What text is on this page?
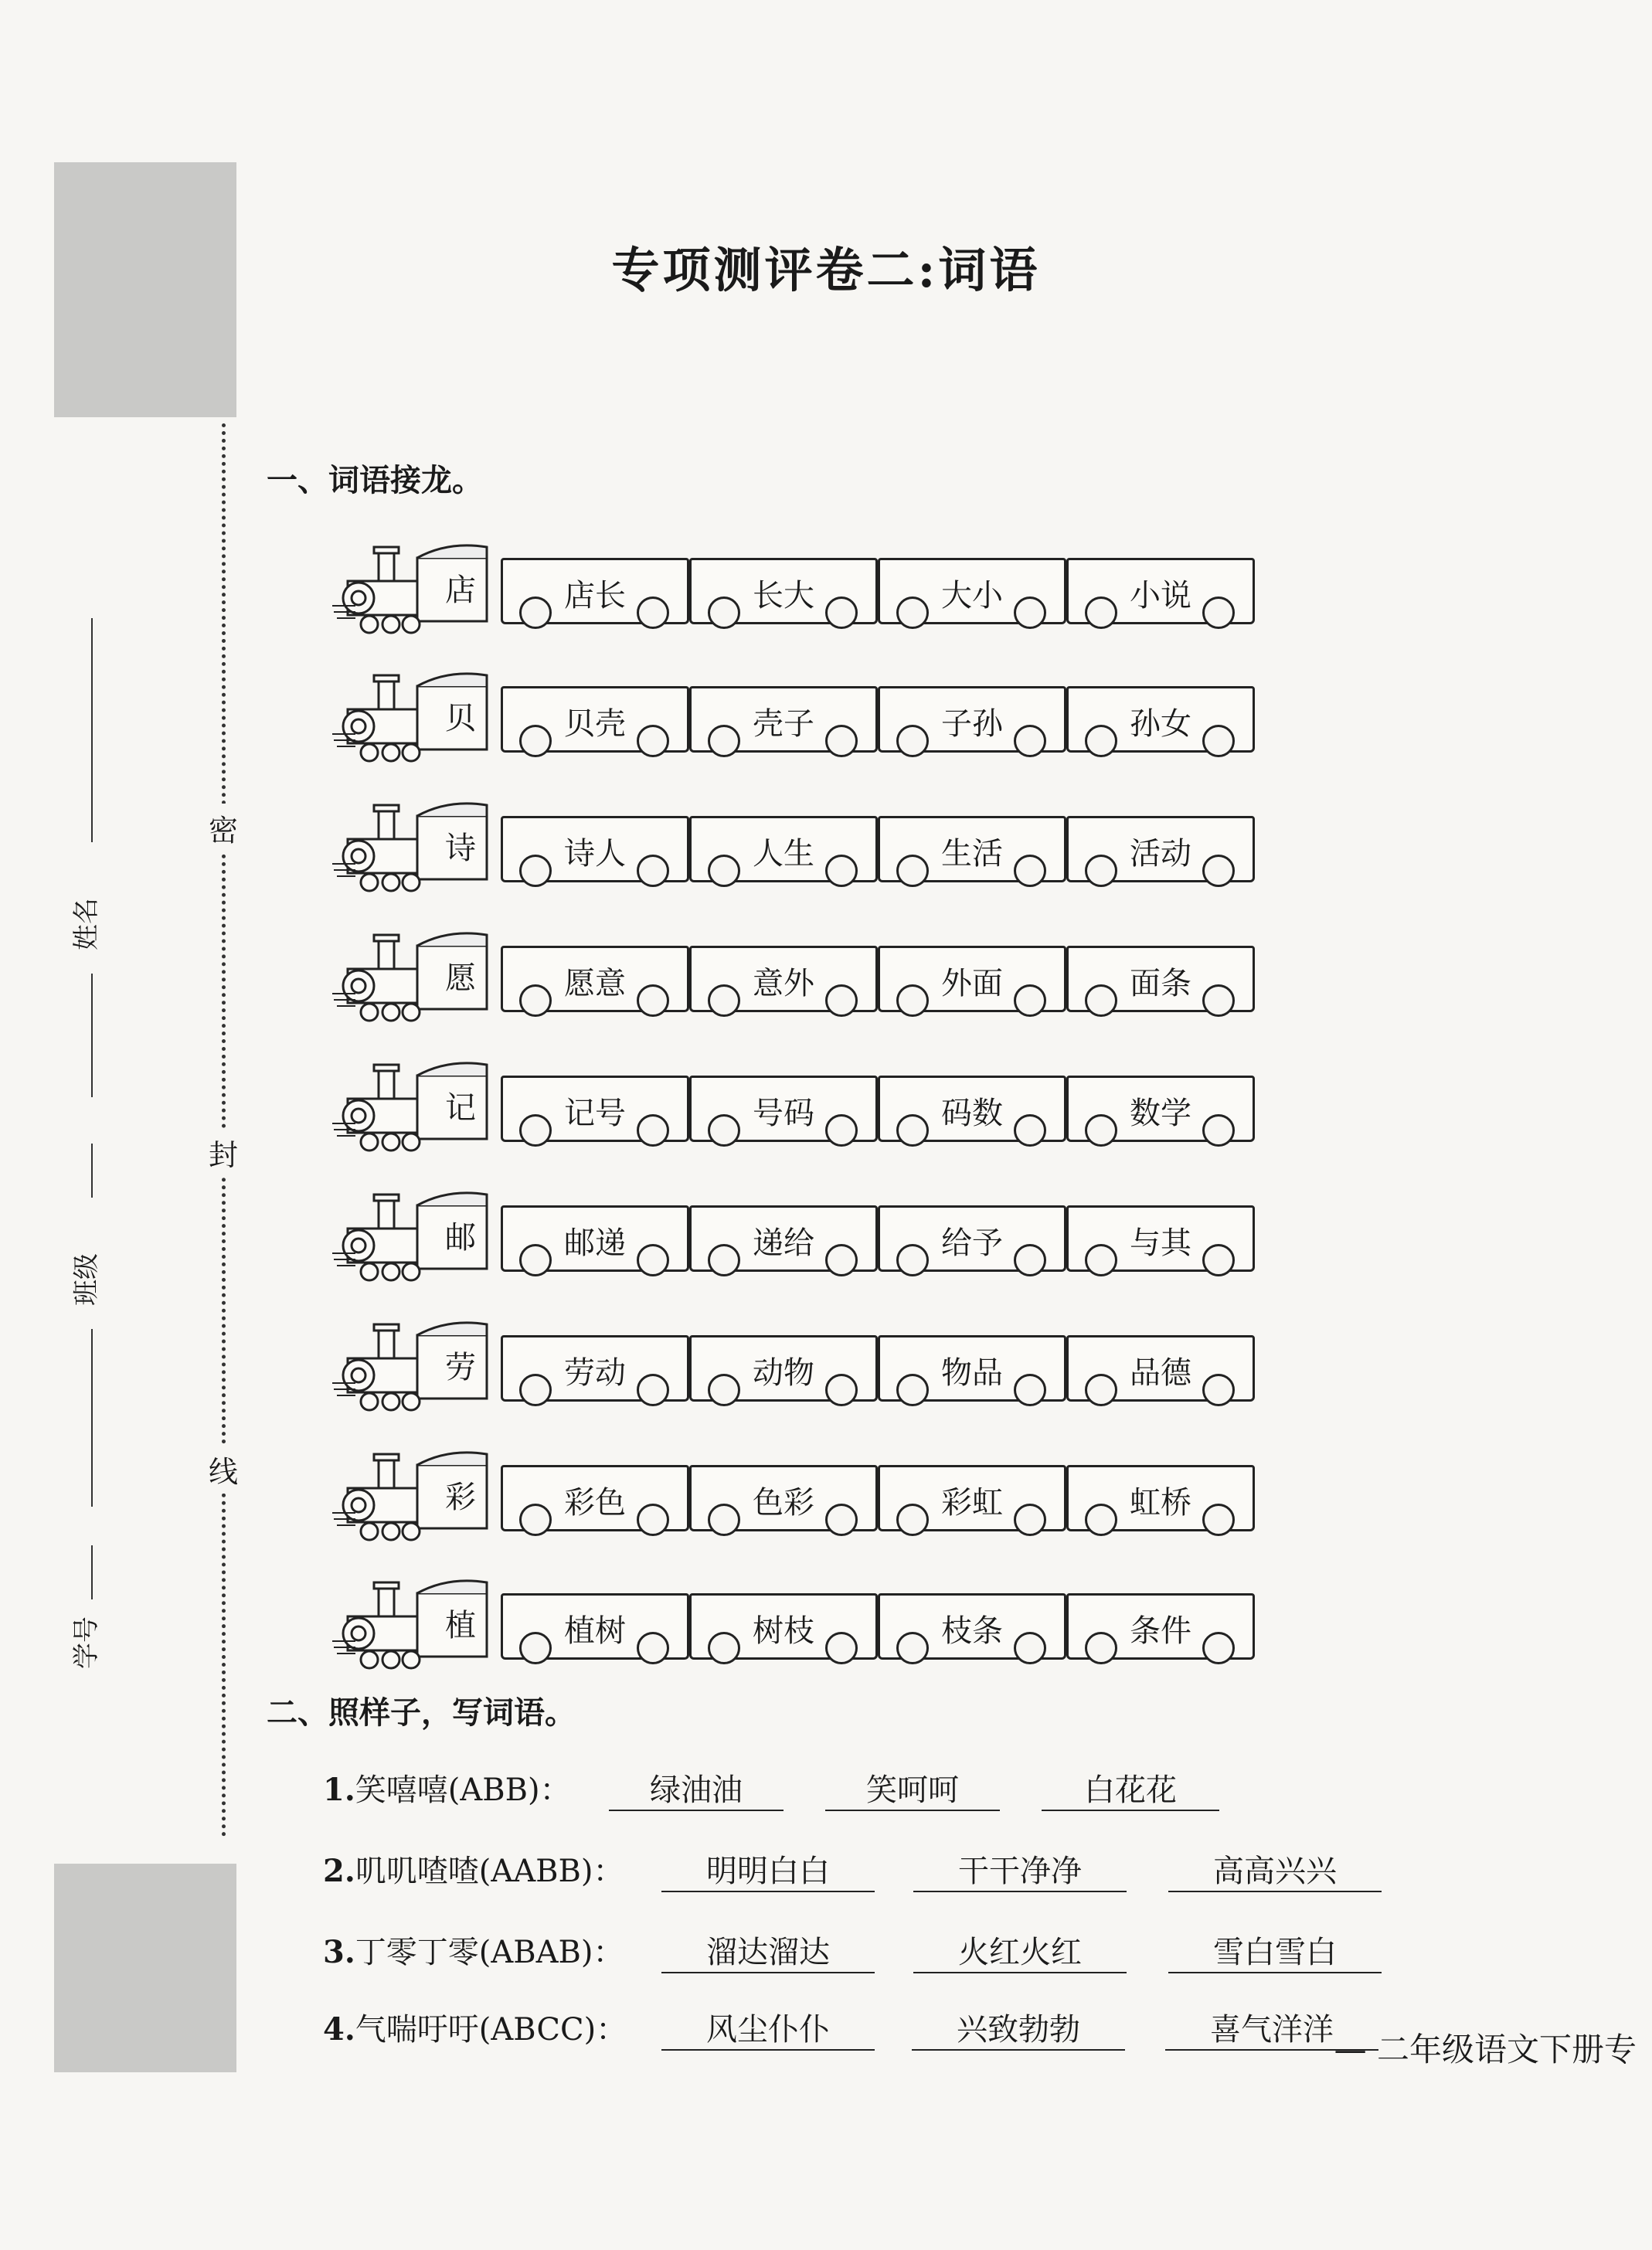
密
封
线
姓名
班级
学号
专项测评卷二:词语
一、词语接龙。
店	店长	长大	大小	小说
贝	贝壳	壳子	子孙	孙女
诗	诗人	人生	生活	活动
愿	愿意	意外	外面	面条
记	记号	号码	码数	数学
邮	邮递	递给	给予	与其
劳	劳动	动物	物品	品德
彩	彩色	色彩	彩虹	虹桥
植	植树	树枝	枝条	条件
二、照样子，写词语。
1.笑嘻嘻(ABB)：	绿油油	笑呵呵	白花花
2.叽叽喳喳(AABB)：	明明白白	干干净净	高高兴兴
3.丁零丁零(ABAB)：	溜达溜达	火红火红	雪白雪白
4.气喘吁吁(ABCC)：	风尘仆仆	兴致勃勃	喜气洋洋
— 二年级语文下册专
